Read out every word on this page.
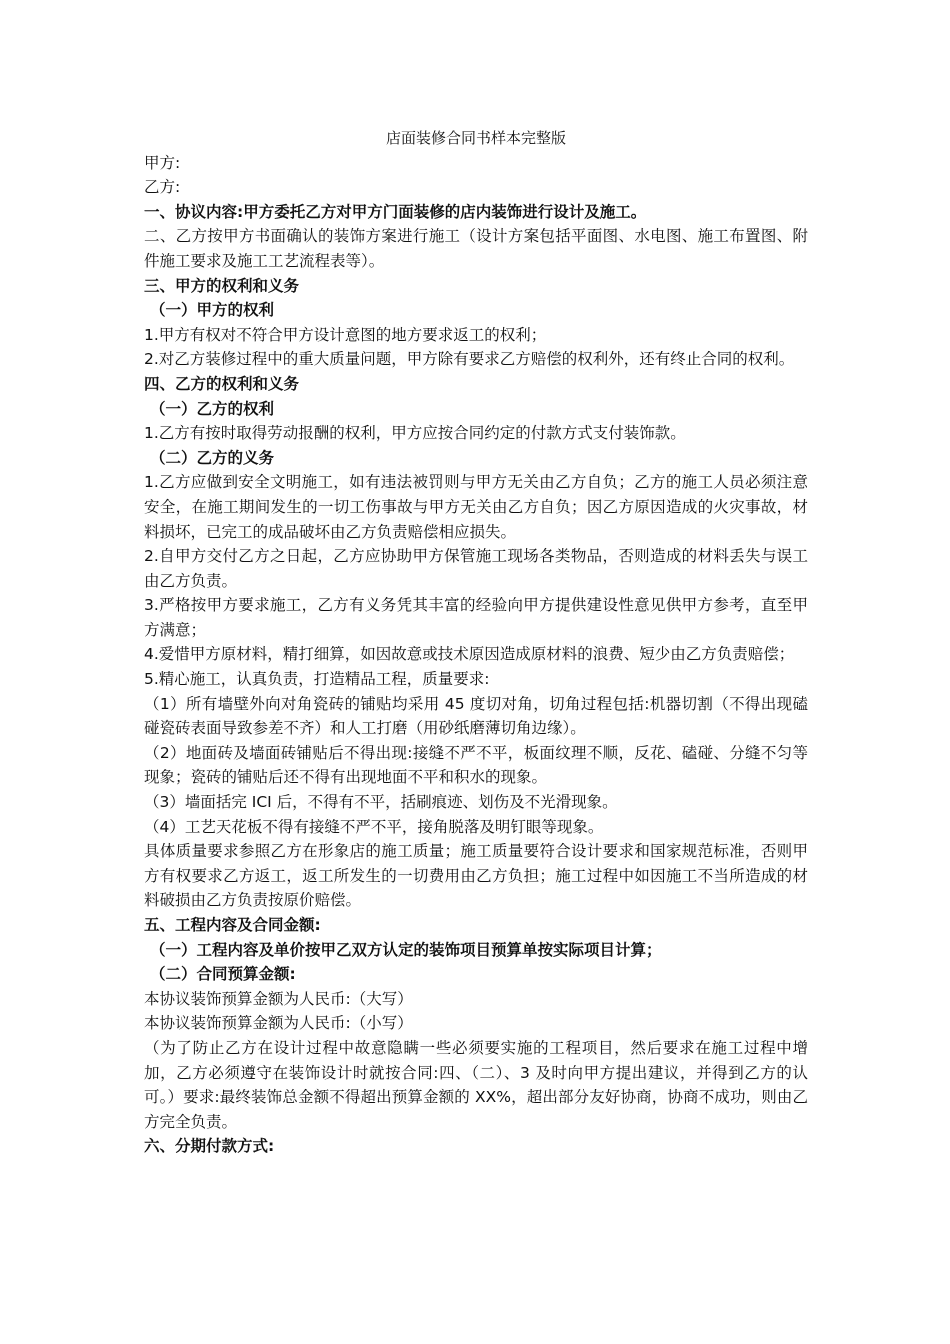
店面装修合同书样本完整版

甲方:

乙方:

一、协议内容:甲方委托乙方对甲方门面装修的店内装饰进行设计及施工。

二、乙方按甲方书面确认的装饰方案进行施工（设计方案包括平面图、水电图、施工布置图、附件施工要求及施工工艺流程表等）。

三、甲方的权利和义务

（一）甲方的权利

1.甲方有权对不符合甲方设计意图的地方要求返工的权利；

2.对乙方装修过程中的重大质量问题，甲方除有要求乙方赔偿的权利外，还有终止合同的权利。

四、乙方的权利和义务

（一）乙方的权利

1.乙方有按时取得劳动报酬的权利，甲方应按合同约定的付款方式支付装饰款。

（二）乙方的义务

1.乙方应做到安全文明施工，如有违法被罚则与甲方无关由乙方自负；乙方的施工人员必须注意安全，在施工期间发生的一切工伤事故与甲方无关由乙方自负；因乙方原因造成的火灾事故，材料损坏，已完工的成品破坏由乙方负责赔偿相应损失。

2.自甲方交付乙方之日起，乙方应协助甲方保管施工现场各类物品，否则造成的材料丢失与误工由乙方负责。

3.严格按甲方要求施工，乙方有义务凭其丰富的经验向甲方提供建设性意见供甲方参考，直至甲方满意；

4.爱惜甲方原材料，精打细算，如因故意或技术原因造成原材料的浪费、短少由乙方负责赔偿；

5.精心施工，认真负责，打造精品工程，质量要求:

（1）所有墙壁外向对角瓷砖的铺贴均采用 45 度切对角，切角过程包括:机器切割（不得出现磕碰瓷砖表面导致参差不齐）和人工打磨（用砂纸磨薄切角边缘）。

（2）地面砖及墙面砖铺贴后不得出现:接缝不严不平，板面纹理不顺，反花、磕碰、分缝不匀等现象；瓷砖的铺贴后还不得有出现地面不平和积水的现象。

（3）墙面括完 ICI 后，不得有不平，括刷痕迹、划伤及不光滑现象。

（4）工艺天花板不得有接缝不严不平，接角脱落及明钉眼等现象。

具体质量要求参照乙方在形象店的施工质量；施工质量要符合设计要求和国家规范标准，否则甲方有权要求乙方返工，返工所发生的一切费用由乙方负担；施工过程中如因施工不当所造成的材料破损由乙方负责按原价赔偿。

五、工程内容及合同金额:

（一）工程内容及单价按甲乙双方认定的装饰项目预算单按实际项目计算；

（二）合同预算金额:

本协议装饰预算金额为人民币:（大写）

本协议装饰预算金额为人民币:（小写）

（为了防止乙方在设计过程中故意隐瞒一些必须要实施的工程项目，然后要求在施工过程中增加，乙方必须遵守在装饰设计时就按合同:四、（二）、3 及时向甲方提出建议，并得到乙方的认可。）要求:最终装饰总金额不得超出预算金额的 XX%，超出部分友好协商，协商不成功，则由乙方完全负责。

六、分期付款方式:
